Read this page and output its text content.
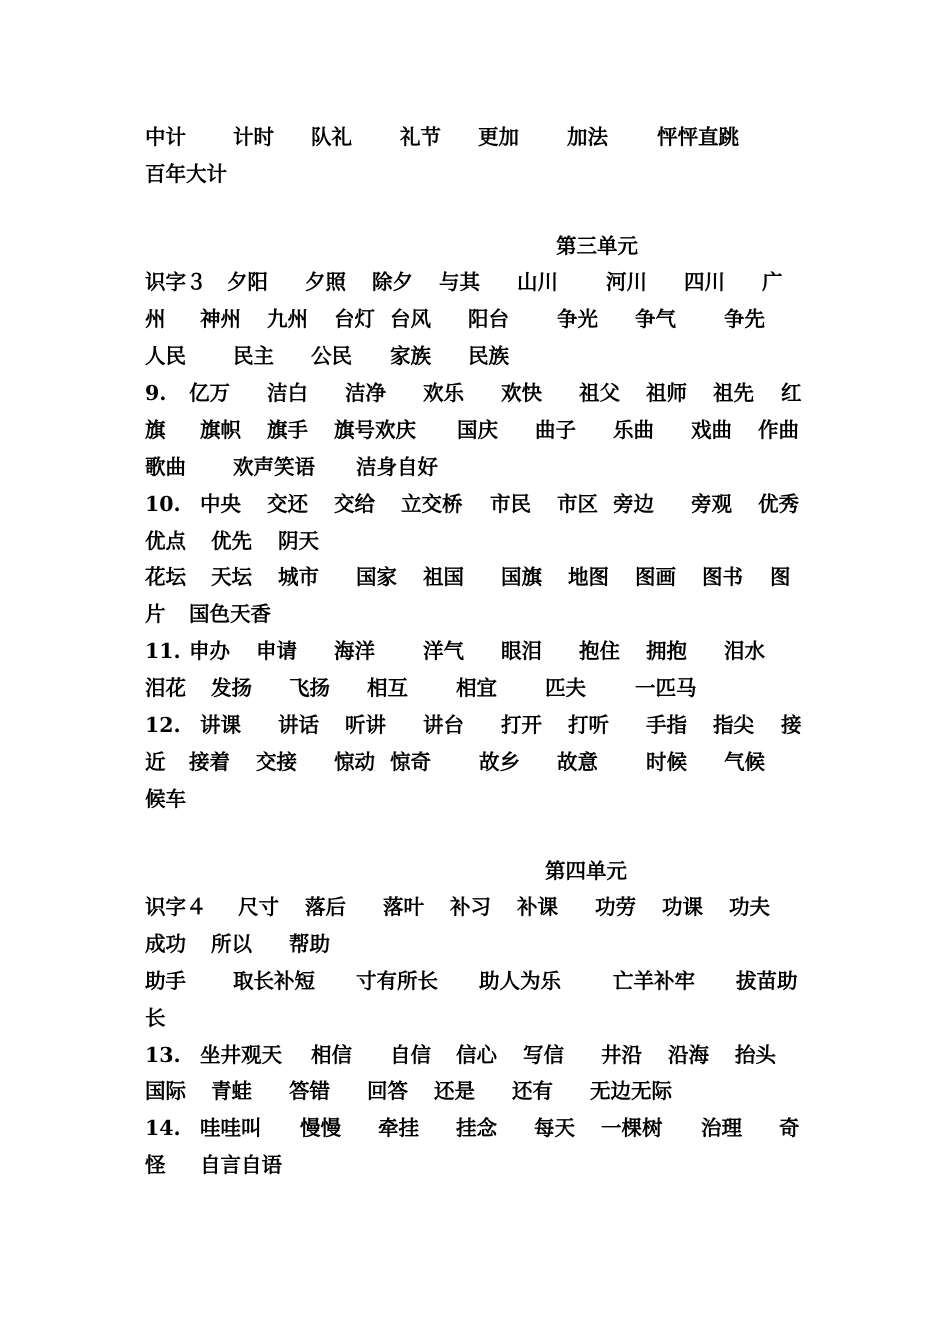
中计 计时 队礼 礼节 更加 加法 怦怦直跳
百年大计
第三单元
识字３ 夕阳 夕照 除夕 与其 山川 河川 四川 广
州 神州 九州 台灯 台风 阳台 争光 争气 争先
人民 民主 公民 家族 民族
9. 亿万 洁白 洁净 欢乐 欢快 祖父 祖师 祖先 红
旗 旗帜 旗手 旗号欢庆 国庆 曲子 乐曲 戏曲 作曲
歌曲 欢声笑语 洁身自好
10. 中央 交还 交给 立交桥 市民 市区 旁边 旁观 优秀
优点 优先 阴天
花坛 天坛 城市 国家 祖国 国旗 地图 图画 图书 图
片 国色天香
11. 申办 申请 海洋 洋气 眼泪 抱住 拥抱 泪水
泪花 发扬 飞扬 相互 相宜 匹夫 一匹马
12. 讲课 讲话 听讲 讲台 打开 打听 手指 指尖 接
近 接着 交接 惊动 惊奇 故乡 故意 时候 气候
候车
第四单元
识字４ 尺寸 落后 落叶 补习 补课 功劳 功课 功夫
成功 所以 帮助
助手 取长补短 寸有所长 助人为乐	亡羊补牢 拔苗助
长
13. 坐井观天 相信 自信 信心 写信 井沿 沿海 抬头
国际 青蛙 答错 回答 还是 还有 无边无际
14. 哇哇叫 慢慢 牵挂 挂念 每天 一棵树 治理 奇
怪 自言自语
